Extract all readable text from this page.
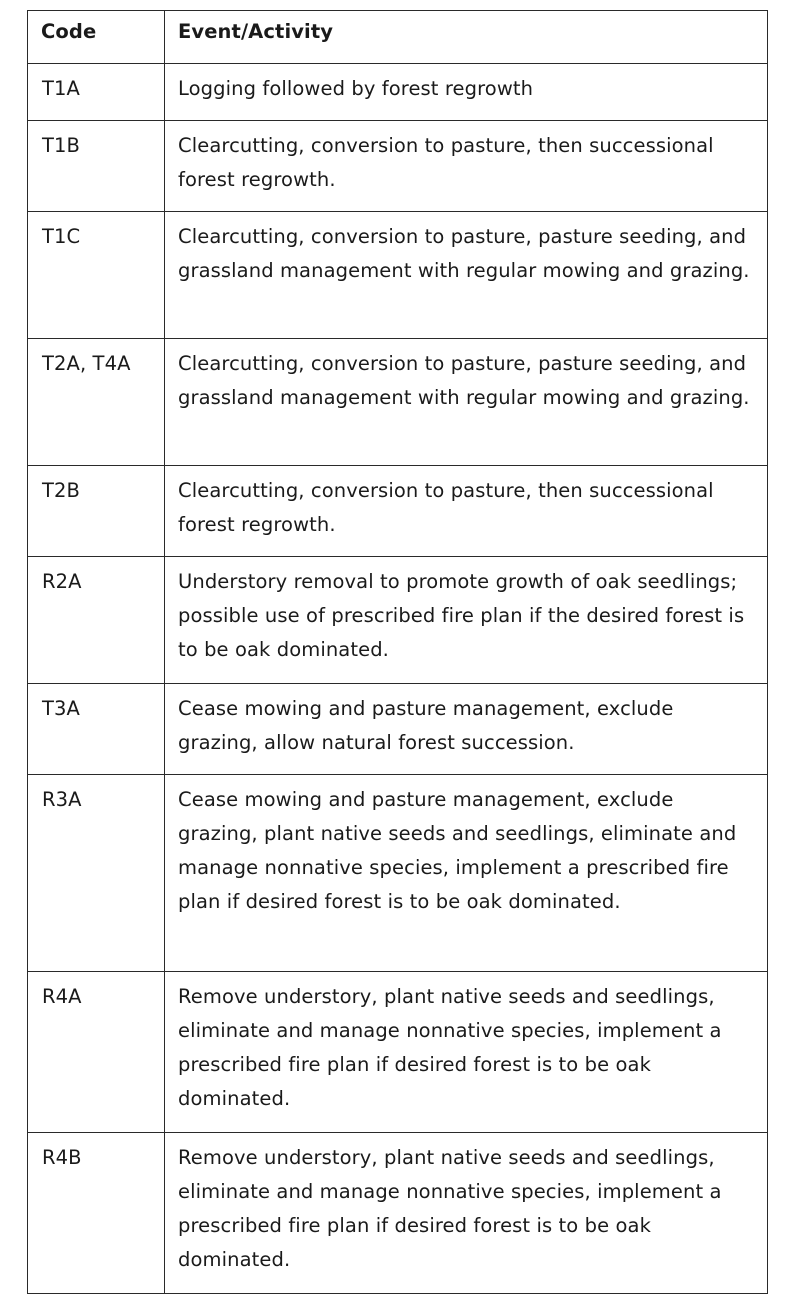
Code	Event/Activity
T1A	Logging followed by forest regrowth
T1B	Clearcutting, conversion to pasture, then successional forest regrowth.
T1C	Clearcutting, conversion to pasture, pasture seeding, and grassland management with regular mowing and grazing.
T2A, T4A	Clearcutting, conversion to pasture, pasture seeding, and grassland management with regular mowing and grazing.
T2B	Clearcutting, conversion to pasture, then successional forest regrowth.
R2A	Understory removal to promote growth of oak seedlings; possible use of prescribed fire plan if the desired forest is to be oak dominated.
T3A	Cease mowing and pasture management, exclude grazing, allow natural forest succession.
R3A	Cease mowing and pasture management, exclude grazing, plant native seeds and seedlings, eliminate and manage nonnative species, implement a prescribed fire plan if desired forest is to be oak dominated.
R4A	Remove understory, plant native seeds and seedlings, eliminate and manage nonnative species, implement a prescribed fire plan if desired forest is to be oak dominated.
R4B	Remove understory, plant native seeds and seedlings, eliminate and manage nonnative species, implement a prescribed fire plan if desired forest is to be oak dominated.
